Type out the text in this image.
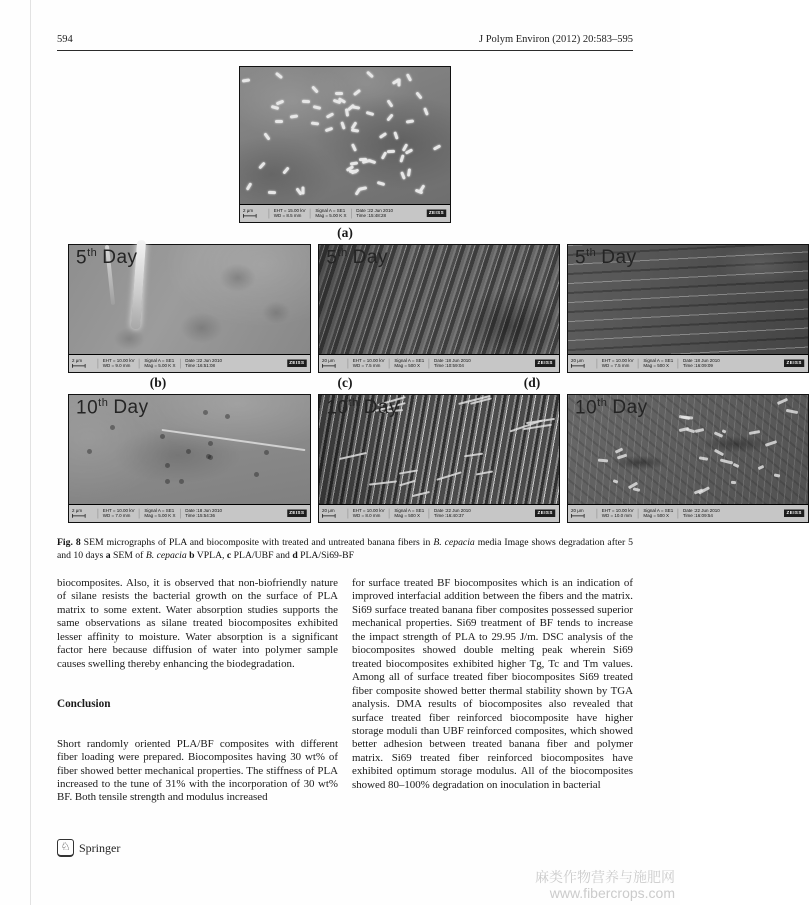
594	J Polym Environ (2012) 20:583–595
2 μm	EHT = 15.00 kV
WD = 8.5 mm
Signal A = SE1
Mag = 5.00 K X
Date :22 Jun 2010
Time :15:48:28
ZEISS
(a)
5th Day
2 μm	EHT = 10.00 kV
WD = 9.0 mm
Signal A = SE1
Mag = 5.00 K X
Date :22 Jun 2010
Time :16:51:08
ZEISS
5th Day
20 μm	EHT = 10.00 kV
WD = 7.5 mm
Signal A = SE1
Mag = 500 X
Date :18 Jun 2010
Time :10:59:04
ZEISS
5th Day
20 μm	EHT = 10.00 kV
WD = 7.5 mm
Signal A = SE1
Mag = 500 X
Date :18 Jun 2010
Time :16:09:09
ZEISS
(b)	(c)	(d)
10th Day
2 μm	EHT = 10.00 kV
WD = 7.0 mm
Signal A = SE1
Mag = 5.00 K X
Date :18 Jun 2010
Time :15:54:36
ZEISS
10th Day
20 μm	EHT = 10.00 kV
WD = 8.0 mm
Signal A = SE1
Mag = 500 X
Date :22 Jun 2010
Time :16:40:37
ZEISS
10th Day
20 μm	EHT = 10.00 kV
WD = 10.0 mm
Signal A = SE1
Mag = 500 X
Date :22 Jun 2010
Time :16:09:54
ZEISS

Fig. 8 SEM micrographs of PLA and biocomposite with treated and untreated banana fibers in B. cepacia media Image shows degradation after 5 and 10 days a SEM of B. cepacia b VPLA, c PLA/UBF and d PLA/Si69-BF

biocomposites. Also, it is observed that non-biofriendly nature of silane resists the bacterial growth on the surface of PLA matrix to some extent. Water absorption studies supports the same observations as silane treated biocomposites exhibited lesser affinity to moisture. Water absorption is a significant factor here because diffusion of water into polymer sample causes swelling thereby enhancing the biodegradation.

Conclusion

Short randomly oriented PLA/BF composites with different fiber loading were prepared. Biocomposites having 30 wt% of fiber showed better mechanical properties. The stiffness of PLA increased to the tune of 31% with the incorporation of 30 wt% BF. Both tensile strength and modulus increased

for surface treated BF biocomposites which is an indication of improved interfacial addition between the fibers and the matrix. Si69 surface treated banana fiber composites possessed superior mechanical properties. Si69 treatment of BF tends to increase the impact strength of PLA to 29.95 J/m. DSC analysis of the biocomposites showed double melting peak wherein Si69 treated biocomposites exhibited higher Tg, Tc and Tm values. Among all of surface treated fiber biocomposites Si69 treated fiber composite showed better thermal stability shown by TGA analysis. DMA results of biocomposites also revealed that surface treated fiber reinforced biocomposite have higher storage moduli than UBF reinforced composites, which showed better adhesion between treated banana fiber and polymer matrix. Si69 treated fiber reinforced biocomposites have exhibited optimum storage modulus. All of the biocomposites showed 80–100% degradation on inoculation in bacterial

♘ Springer
麻类作物营养与施肥网
www.fibercrops.com
